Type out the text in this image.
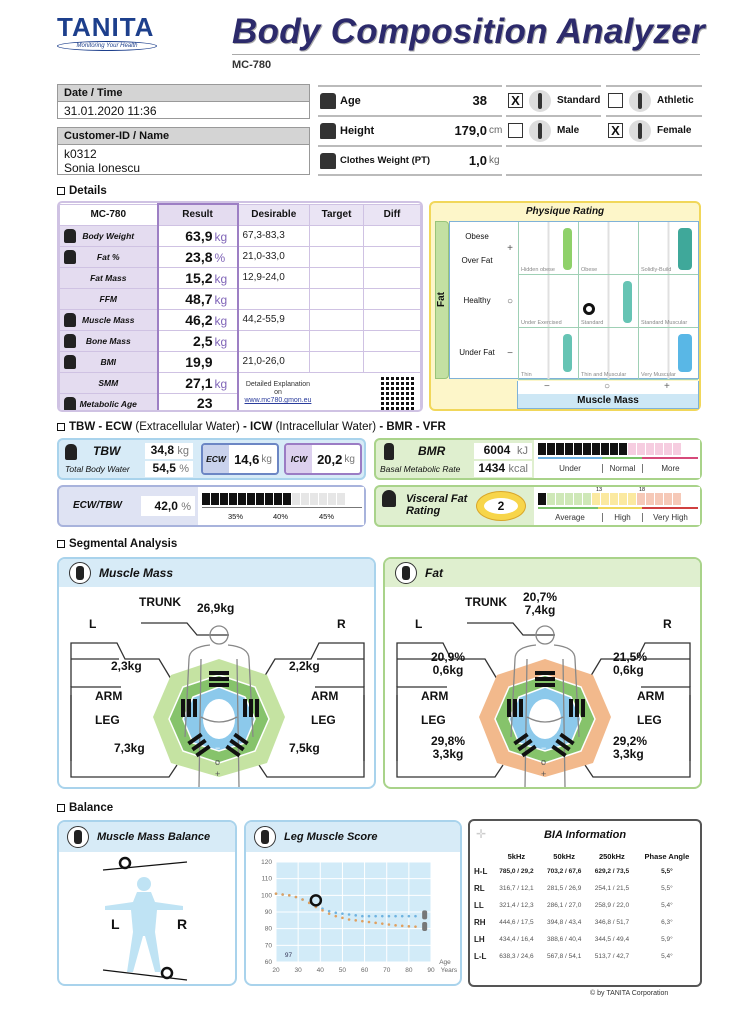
TANITA
Monitoring Your Health	Body Composition Analyzer
MC-780
Date / Time
31.01.2020 11:36
Customer-ID / Name
k0312
Sonia Ionescu
Age	38
Height	179,0 cm
Clothes Weight (PT)	1,0 kg
X	Standard	Athletic
Male X	Female
Details
MC-780	Result	Desirable	Target	Diff

Body Weight	63,9 kg	67,3-83,3		

Fat %	23,8 %	21,0-33,0		
Fat Mass	15,2 kg	12,9-24,0		
FFM	48,7 kg			

Muscle Mass	46,2 kg	44,2-55,9		

Bone Mass	2,5 kg			

BMI	19,9	21,0-26,0		
SMM	27,1 kg	Detailed Explanation
on
www.mc780.gmon.eu		

Metabolic Age	23			
Physique Rating
Fat
Obese
Over Fat
Healthy
Under Fat
+
○
−
Hidden obese	Obese	Solidly-Build
Under Exercised	Standard	Standard Muscular
Thin	Thin and Muscular	Very Muscular
−	○	+
Muscle Mass
TBW - ECW (Extracellular Water) - ICW (Intracellular Water) - BMR - VFR
TBW
Total Body Water
34,8 kg
54,5 %
ECW 14,6 kg	ICW 20,2 kg
ECW/TBW	42,0 %
35%	40%	45%
BMR
Basal Metabolic Rate
6004 kJ
1434 kcal	Under	Normal	More
Visceral Fat
Rating	2
13	18
Average	High	Very High
Segmental Analysis
Muscle Mass
−
o
+
TRUNK 26,9kg
L	R
2,3kg	2,2kg
ARM	ARM
LEG	LEG
7,3kg	7,5kg
Fat
−
o
+
TRUNK 20,7%
7,4kg
L	R
20,9%
0,6kg
21,5%
0,6kg
ARM	ARM
LEG	LEG
29,8%
3,3kg
29,2%
3,3kg
Balance
Muscle Mass Balance
L	R
Leg Muscle Score
20 30 40 50 60 70 80 90
120
110
100
90
80
70
60
97
Age
Years
✛	BIA Information
	5kHz	50kHz	250kHz	Phase Angle
H-L	785,0 / 29,2	703,2 / 67,6	629,2 / 73,5	5,5°
RL	316,7 / 12,1	281,5 / 26,9	254,1 / 21,5	5,5°
LL	321,4 / 12,3	286,1 / 27,0	258,9 / 22,0	5,4°
RH	444,6 / 17,5	394,8 / 43,4	346,8 / 51,7	6,3°
LH	434,4 / 16,4	388,6 / 40,4	344,5 / 49,4	5,9°
L-L	638,3 / 24,6	567,8 / 54,1	513,7 / 42,7	5,4°
© by TANITA Corporation
